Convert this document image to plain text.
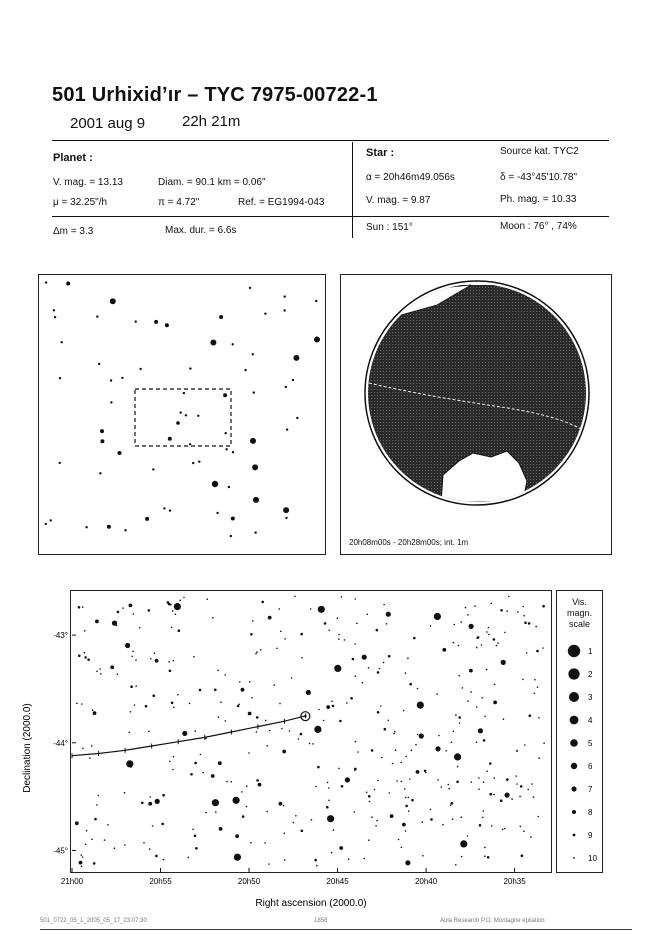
501 Urhixidʼır – TYC 7975-00722-1
2001 aug 9 22h 21m
Planet :
V. mag. = 13.13	Diam. = 90.1 km = 0.06"
μ = 32.25"/h	π = 4.72"	Ref. = EG1994-043
Δm = 3.3	Max. dur. = 6.6s
Star :	Source kat. TYC2
α = 20h46m49.056s	δ = -43°45'10.78"
V. mag. = 9.87	Ph. mag. = 10.33
Sun : 151°	Moon : 76° , 74%
20h08m00s - 20h28m00s; int. 1m
Declination (2000.0)
Right ascension (2000.0)
21h00	20h55	20h50	20h45	20h40	20h35
-43°
-44°
-45°
Vis.
magn.
scale
1
2
3
4
5
6
7
8
9
10
501_0722_05_1_2005_05_17_23:07:30	1858	Aula Research P.O. Montagne epilation
